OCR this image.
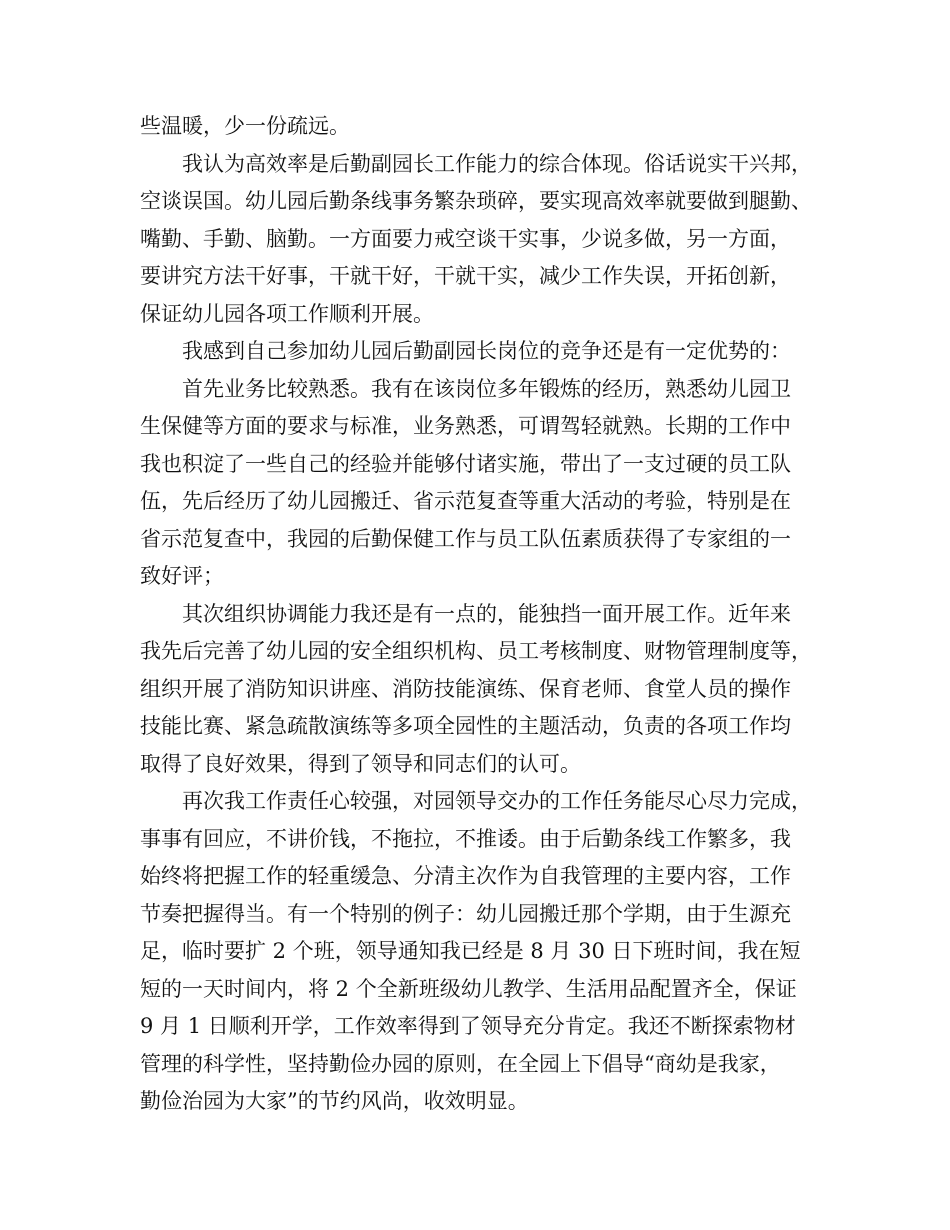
些温暖，少一份疏远。
我认为高效率是后勤副园长工作能力的综合体现。俗话说实干兴邦，
空谈误国。幼儿园后勤条线事务繁杂琐碎，要实现高效率就要做到腿勤、
嘴勤、手勤、脑勤。一方面要力戒空谈干实事，少说多做，另一方面，
要讲究方法干好事，干就干好，干就干实，减少工作失误，开拓创新，
保证幼儿园各项工作顺利开展。
我感到自己参加幼儿园后勤副园长岗位的竞争还是有一定优势的：
首先业务比较熟悉。我有在该岗位多年锻炼的经历，熟悉幼儿园卫
生保健等方面的要求与标准，业务熟悉，可谓驾轻就熟。长期的工作中
我也积淀了一些自己的经验并能够付诸实施，带出了一支过硬的员工队
伍，先后经历了幼儿园搬迁、省示范复查等重大活动的考验，特别是在
省示范复查中，我园的后勤保健工作与员工队伍素质获得了专家组的一
致好评；
其次组织协调能力我还是有一点的，能独挡一面开展工作。近年来
我先后完善了幼儿园的安全组织机构、员工考核制度、财物管理制度等，
组织开展了消防知识讲座、消防技能演练、保育老师、食堂人员的操作
技能比赛、紧急疏散演练等多项全园性的主题活动，负责的各项工作均
取得了良好效果，得到了领导和同志们的认可。
再次我工作责任心较强，对园领导交办的工作任务能尽心尽力完成，
事事有回应，不讲价钱，不拖拉，不推诿。由于后勤条线工作繁多，我
始终将把握工作的轻重缓急、分清主次作为自我管理的主要内容，工作
节奏把握得当。有一个特别的例子：幼儿园搬迁那个学期，由于生源充
足，临时要扩 2 个班，领导通知我已经是 8 月 30 日下班时间，我在短
短的一天时间内，将 2 个全新班级幼儿教学、生活用品配置齐全，保证
9 月 1 日顺利开学，工作效率得到了领导充分肯定。我还不断探索物材
管理的科学性，坚持勤俭办园的原则，在全园上下倡导“商幼是我家，
勤俭治园为大家”的节约风尚，收效明显。
